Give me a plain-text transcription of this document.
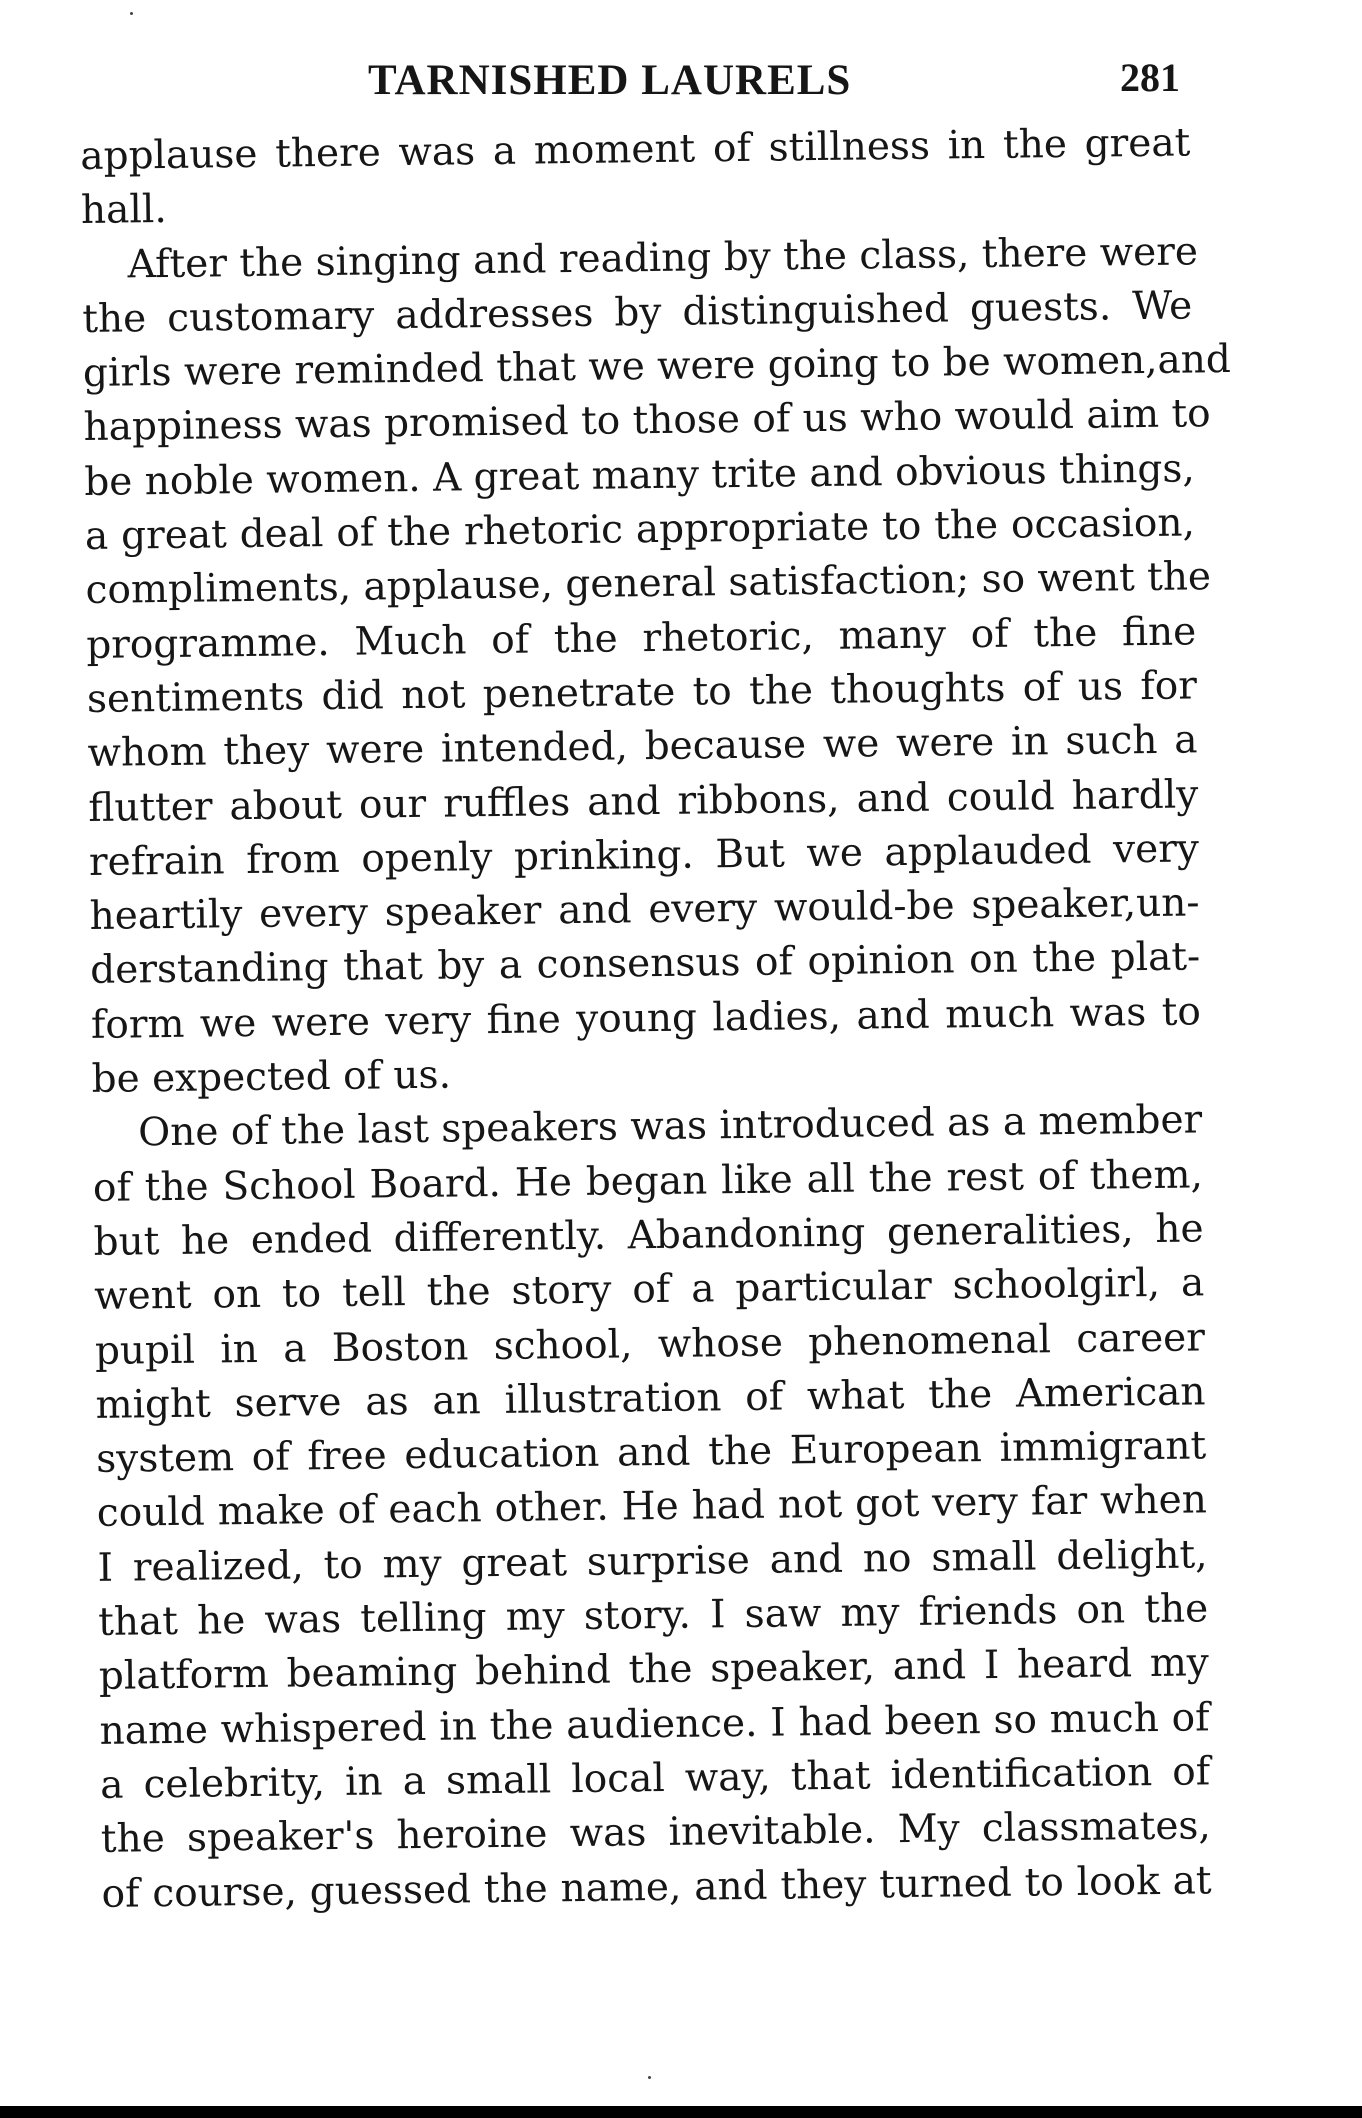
TARNISHED LAURELS	281
applause there was a moment of stillness in the great
hall.
After the singing and reading by the class, there were
the customary addresses by distinguished guests. We
girls were reminded that we were going to be women,and
happiness was promised to those of us who would aim to
be noble women. A great many trite and obvious things,
a great deal of the rhetoric appropriate to the occasion,
compliments, applause, general satisfaction; so went the
programme. Much of the rhetoric, many of the fine
sentiments did not penetrate to the thoughts of us for
whom they were intended, because we were in such a
flutter about our ruffles and ribbons, and could hardly
refrain from openly prinking. But we applauded very
heartily every speaker and every would-be speaker,un-
derstanding that by a consensus of opinion on the plat-
form we were very fine young ladies, and much was to
be expected of us.
One of the last speakers was introduced as a member
of the School Board. He began like all the rest of them,
but he ended differently. Abandoning generalities, he
went on to tell the story of a particular schoolgirl, a
pupil in a Boston school, whose phenomenal career
might serve as an illustration of what the American
system of free education and the European immigrant
could make of each other. He had not got very far when
I realized, to my great surprise and no small delight,
that he was telling my story. I saw my friends on the
platform beaming behind the speaker, and I heard my
name whispered in the audience. I had been so much of
a celebrity, in a small local way, that identification of
the speaker's heroine was inevitable. My classmates,
of course, guessed the name, and they turned to look at
